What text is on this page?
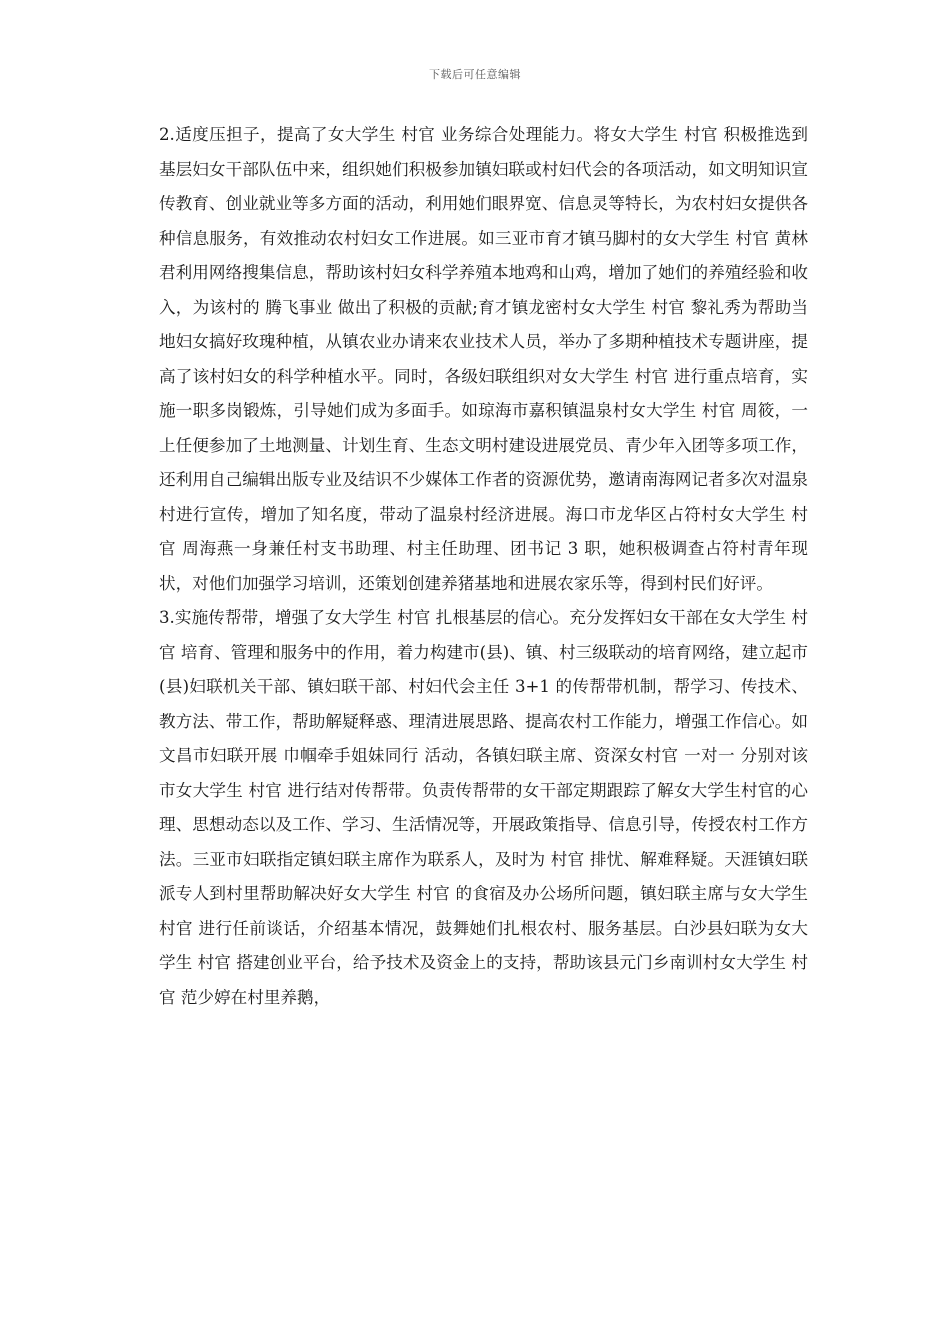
下载后可任意编辑

2.适度压担子，提高了女大学生 村官 业务综合处理能力。将女大学生 村官 积极推选到基层妇女干部队伍中来，组织她们积极参加镇妇联或村妇代会的各项活动，如文明知识宣传教育、创业就业等多方面的活动，利用她们眼界宽、信息灵等特长，为农村妇女提供各种信息服务，有效推动农村妇女工作进展。如三亚市育才镇马脚村的女大学生 村官 黄林君利用网络搜集信息，帮助该村妇女科学养殖本地鸡和山鸡，增加了她们的养殖经验和收入，为该村的 腾飞事业 做出了积极的贡献;育才镇龙密村女大学生 村官 黎礼秀为帮助当地妇女搞好玫瑰种植，从镇农业办请来农业技术人员，举办了多期种植技术专题讲座，提高了该村妇女的科学种植水平。同时，各级妇联组织对女大学生 村官 进行重点培育，实施一职多岗锻炼，引导她们成为多面手。如琼海市嘉积镇温泉村女大学生 村官 周筱，一上任便参加了土地测量、计划生育、生态文明村建设进展党员、青少年入团等多项工作，还利用自己编辑出版专业及结识不少媒体工作者的资源优势，邀请南海网记者多次对温泉村进行宣传，增加了知名度，带动了温泉村经济进展。海口市龙华区占符村女大学生 村官 周海燕一身兼任村支书助理、村主任助理、团书记 3 职，她积极调查占符村青年现状，对他们加强学习培训，还策划创建养猪基地和进展农家乐等，得到村民们好评。

3.实施传帮带，增强了女大学生 村官 扎根基层的信心。充分发挥妇女干部在女大学生 村官 培育、管理和服务中的作用，着力构建市(县)、镇、村三级联动的培育网络，建立起市(县)妇联机关干部、镇妇联干部、村妇代会主任 3+1 的传帮带机制，帮学习、传技术、教方法、带工作，帮助解疑释惑、理清进展思路、提高农村工作能力，增强工作信心。如文昌市妇联开展 巾帼牵手姐妹同行 活动，各镇妇联主席、资深女村官 一对一 分别对该市女大学生 村官 进行结对传帮带。负责传帮带的女干部定期跟踪了解女大学生村官的心理、思想动态以及工作、学习、生活情况等，开展政策指导、信息引导，传授农村工作方法。三亚市妇联指定镇妇联主席作为联系人，及时为 村官 排忧、解难释疑。天涯镇妇联派专人到村里帮助解决好女大学生 村官 的食宿及办公场所问题，镇妇联主席与女大学生 村官 进行任前谈话，介绍基本情况，鼓舞她们扎根农村、服务基层。白沙县妇联为女大学生 村官 搭建创业平台，给予技术及资金上的支持，帮助该县元门乡南训村女大学生 村官 范少婷在村里养鹅，
